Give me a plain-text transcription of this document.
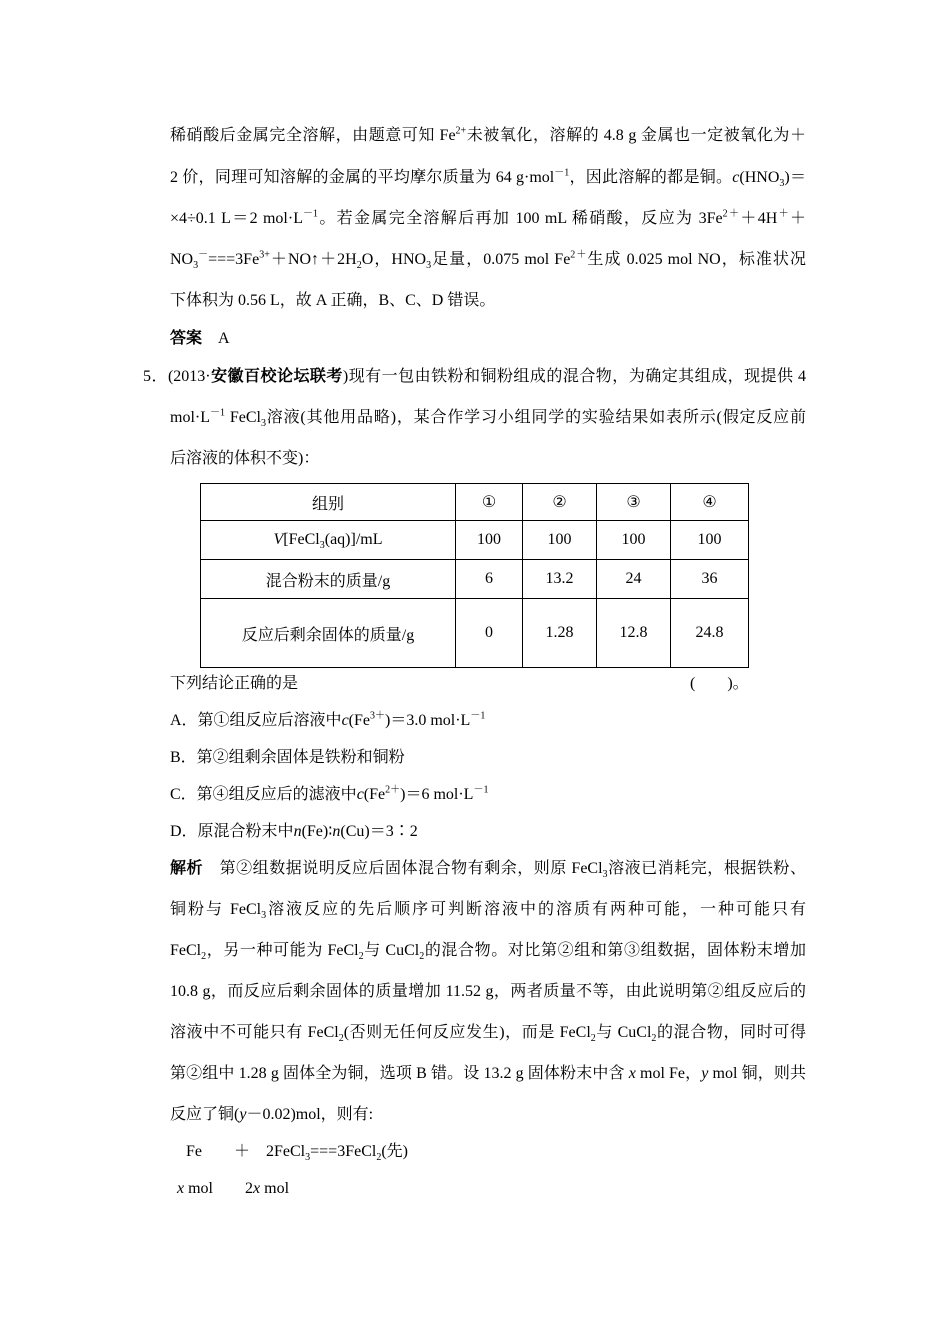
稀硝酸后金属完全溶解，由题意可知 $Fe^{2+}$未被氧化，溶解的 4.8 g 金属也一定被氧化为＋
2 价，同理可知溶解的金属的平均摩尔质量为 64 g·mol$^{-1}$，因此溶解的都是铜。$c(HNO_3)=$
×4÷0.1 L＝2 $mol\cdot L^{-1}$。若金属完全溶解后再加 100 mL 稀硝酸，反应为 $3Fe^{2+}+4H^++$
$NO_3^-===3Fe^{3+}+NO↑+2H_2O$，$HNO_3$足量，0.075 mol $Fe^{2+}$生成 0.025 mol NO，标准状况
下体积为 0.56 L，故 A 正确，B、C、D 错误。
答案　 A
5．(2013·安徽百校论坛联考)现有一包由铁粉和铜粉组成的混合物，为确定其组成，现提供 4
$mol\cdot L^{-1}$ FeCl$_3$溶液(其他用品略)，某合作学习小组同学的实验结果如表所示(假定反应前
后溶液的体积不变)：
组别	①	②	③	④
V[FeCl$_3$(aq)]/mL	100	100	100	100
混合粉末的质量/g	6	13.2	24	36
反应后剩余固体的质量/g	0	1.28	12.8	24.8
下列结论正确的是	(　　)。
A．第①组反应后溶液中$c(Fe^{3+})=3.0$ $mol\cdot L^{-1}$
B．第②组剩余固体是铁粉和铜粉
C．第④组反应后的滤液中$c(Fe^{2+})=6$ $mol\cdot L^{-1}$
D．原混合粉末中n(Fe)∶n(Cu)＝3∶2
解析　第②组数据说明反应后固体混合物有剩余，则原 FeCl$_3$溶液已消耗完，根据铁粉、
铜粉与 FeCl$_3$溶液反应的先后顺序可判断溶液中的溶质有两种可能，一种可能只有
FeCl$_2$，另一种可能为 FeCl$_2$与 CuCl$_2$的混合物。对比第②组和第③组数据，固体粉末增加
10.8 g，而反应后剩余固体的质量增加 11.52 g，两者质量不等，由此说明第②组反应后的
溶液中不可能只有 FeCl$_2$(否则无任何反应发生)，而是 FeCl$_2$与 CuCl$_2$的混合物，同时可得
第②组中 1.28 g 固体全为铜，选项 B 错。设 13.2 g 固体粉末中含 x mol Fe，y mol 铜，则共
反应了铜(y－0.02)mol，则有:
Fe　　＋　2FeCl$_3$===3FeCl$_2$(先)
x mol　　2x mol
